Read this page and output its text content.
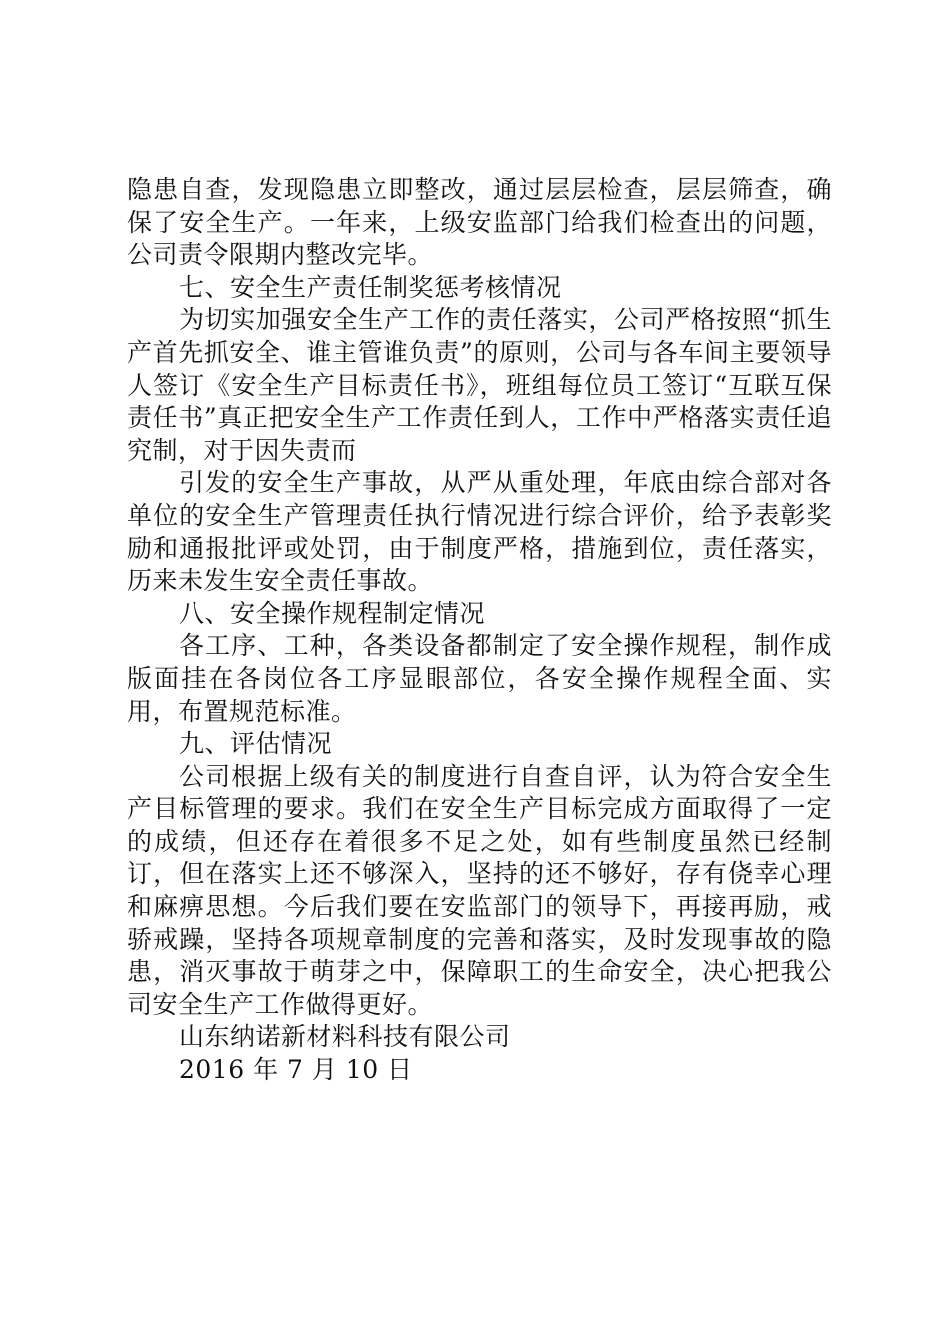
隐患自查，发现隐患立即整改，通过层层检查，层层筛查，确保了安全生产。一年来，上级安监部门给我们检查出的问题，公司责令限期内整改完毕。

七、安全生产责任制奖惩考核情况

为切实加强安全生产工作的责任落实，公司严格按照“抓生产首先抓安全、谁主管谁负责”的原则，公司与各车间主要领导人签订《安全生产目标责任书》，班组每位员工签订“互联互保责任书”真正把安全生产工作责任到人，工作中严格落实责任追究制，对于因失责而

引发的安全生产事故，从严从重处理，年底由综合部对各单位的安全生产管理责任执行情况进行综合评价，给予表彰奖励和通报批评或处罚，由于制度严格，措施到位，责任落实，历来未发生安全责任事故。

八、安全操作规程制定情况

各工序、工种，各类设备都制定了安全操作规程，制作成版面挂在各岗位各工序显眼部位，各安全操作规程全面、实用，布置规范标准。

九、评估情况

公司根据上级有关的制度进行自查自评，认为符合安全生产目标管理的要求。我们在安全生产目标完成方面取得了一定的成绩，但还存在着很多不足之处，如有些制度虽然已经制订，但在落实上还不够深入，坚持的还不够好，存有侥幸心理和麻痹思想。今后我们要在安监部门的领导下，再接再励，戒骄戒躁，坚持各项规章制度的完善和落实，及时发现事故的隐患，消灭事故于萌芽之中，保障职工的生命安全，决心把我公司安全生产工作做得更好。

山东纳诺新材料科技有限公司

2016 年 7 月 10 日
